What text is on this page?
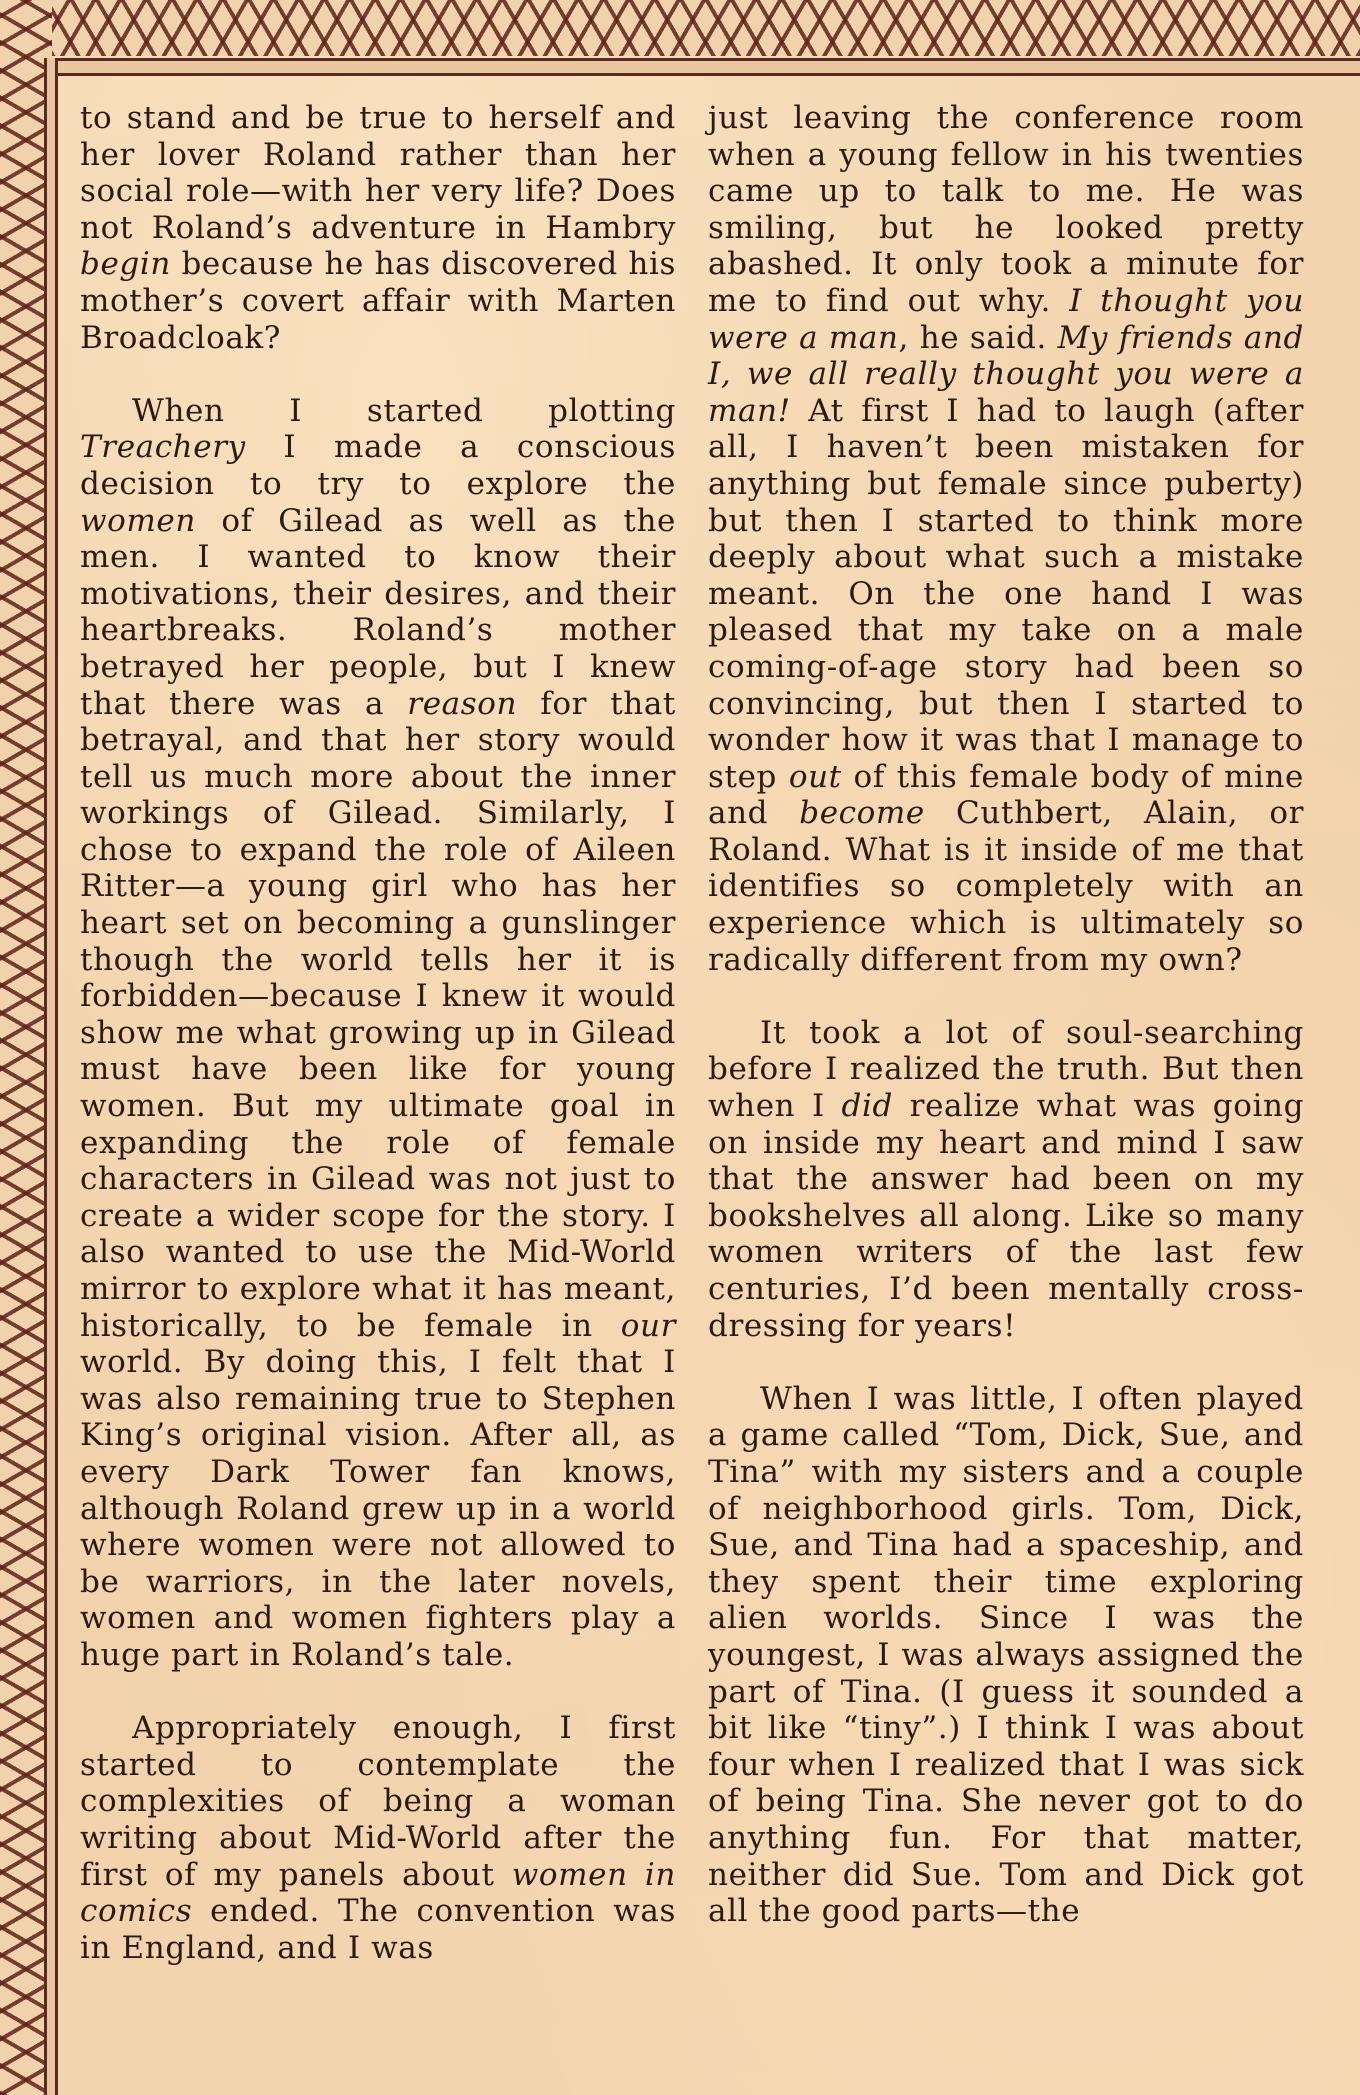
to stand and be true to herself and her lover Roland rather than her social role—with her very life? Does not Roland’s adventure in Hambry begin because he has discovered his mother’s covert affair with Marten Broadcloak?

When I started plotting Treachery I made a conscious decision to try to explore the women of Gilead as well as the men. I wanted to know their motivations, their desires, and their heartbreaks. Roland’s mother betrayed her people, but I knew that there was a reason for that betrayal, and that her story would tell us much more about the inner workings of Gilead. Similarly, I chose to expand the role of Aileen Ritter—a young girl who has her heart set on becoming a gunslinger though the world tells her it is forbidden—because I knew it would show me what growing up in Gilead must have been like for young women. But my ultimate goal in expanding the role of female characters in Gilead was not just to create a wider scope for the story. I also wanted to use the Mid-World mirror to explore what it has meant, historically, to be female in our world. By doing this, I felt that I was also remaining true to Stephen King’s original vision. After all, as every Dark Tower fan knows, although Roland grew up in a world where women were not allowed to be warriors, in the later novels, women and women fighters play a huge part in Roland’s tale.

Appropriately enough, I first started to contemplate the complexities of being a woman writing about Mid-World after the first of my panels about women in comics ended. The convention was in England, and I was

just leaving the conference room when a young fellow in his twenties came up to talk to me. He was smiling, but he looked pretty abashed. It only took a minute for me to find out why. I thought you were a man, he said. My friends and I, we all really thought you were a man! At first I had to laugh (after all, I haven’t been mistaken for anything but female since puberty) but then I started to think more deeply about what such a mistake meant. On the one hand I was pleased that my take on a male coming-of-age story had been so convincing, but then I started to wonder how it was that I manage to step out of this female body of mine and become Cuthbert, Alain, or Roland. What is it inside of me that identifies so completely with an experience which is ultimately so radically different from my own?

It took a lot of soul-searching before I realized the truth. But then when I did realize what was going on inside my heart and mind I saw that the answer had been on my bookshelves all along. Like so many women writers of the last few centuries, I’d been mentally cross-dressing for years!

When I was little, I often played a game called “Tom, Dick, Sue, and Tina” with my sisters and a couple of neighborhood girls. Tom, Dick, Sue, and Tina had a spaceship, and they spent their time exploring alien worlds. Since I was the youngest, I was always assigned the part of Tina. (I guess it sounded a bit like “tiny”.) I think I was about four when I realized that I was sick of being Tina. She never got to do anything fun. For that matter, neither did Sue. Tom and Dick got all the good parts—the
